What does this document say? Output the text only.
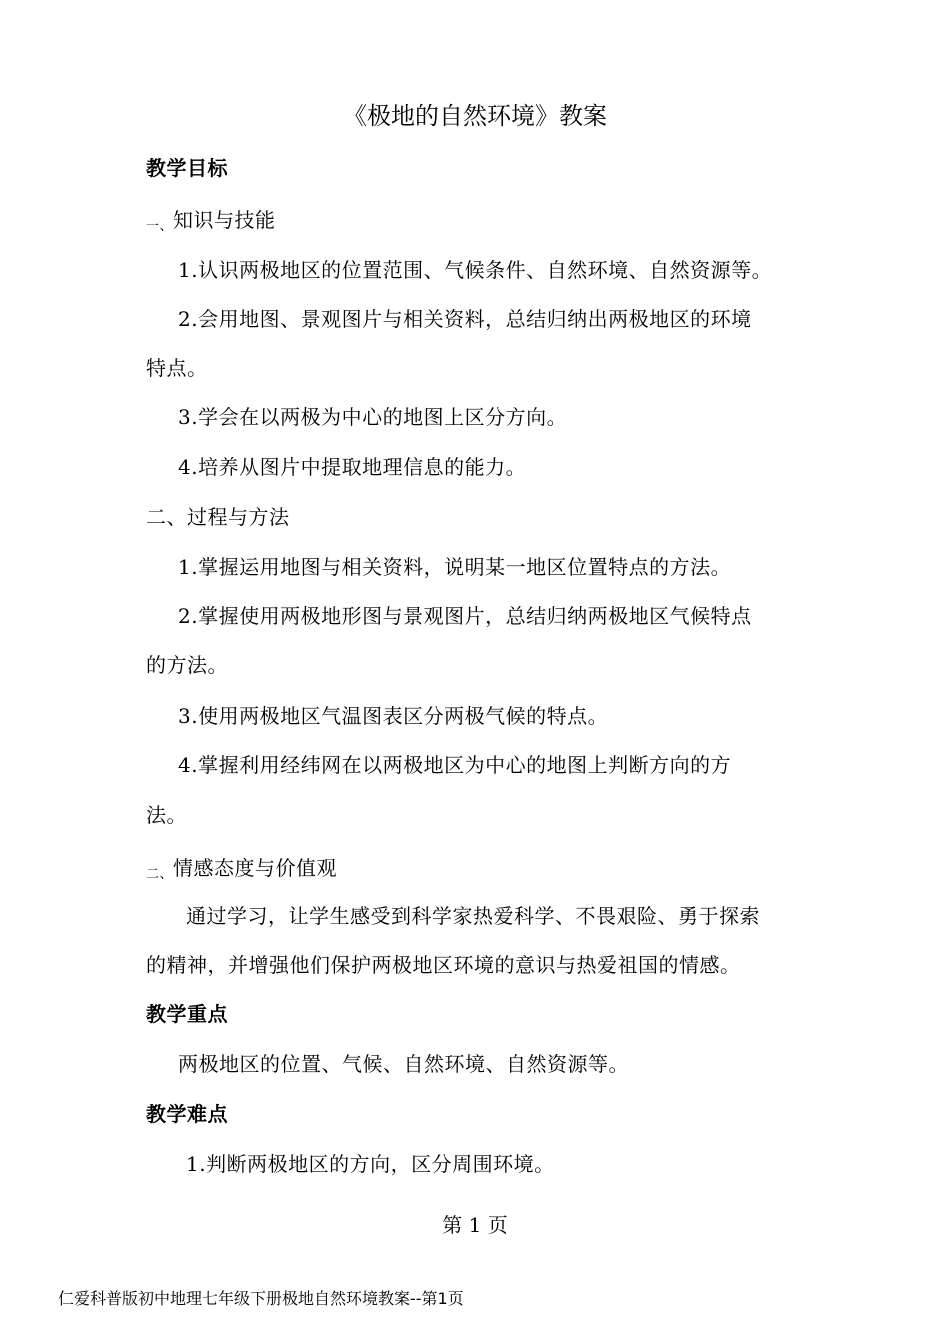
《极地的自然环境》教案
教学目标
一、知识与技能
1.认识两极地区的位置范围、气候条件、自然环境、自然资源等。
2.会用地图、景观图片与相关资料，总结归纳出两极地区的环境
特点。
3.学会在以两极为中心的地图上区分方向。
4.培养从图片中提取地理信息的能力。
二、过程与方法
1.掌握运用地图与相关资料，说明某一地区位置特点的方法。
2.掌握使用两极地形图与景观图片，总结归纳两极地区气候特点
的方法。
3.使用两极地区气温图表区分两极气候的特点。
4.掌握利用经纬网在以两极地区为中心的地图上判断方向的方
法。
二、情感态度与价值观
通过学习，让学生感受到科学家热爱科学、不畏艰险、勇于探索
的精神，并增强他们保护两极地区环境的意识与热爱祖国的情感。
教学重点
两极地区的位置、气候、自然环境、自然资源等。
教学难点
1.判断两极地区的方向，区分周围环境。
第 1 页
仁爱科普版初中地理七年级下册极地自然环境教案--第1页
